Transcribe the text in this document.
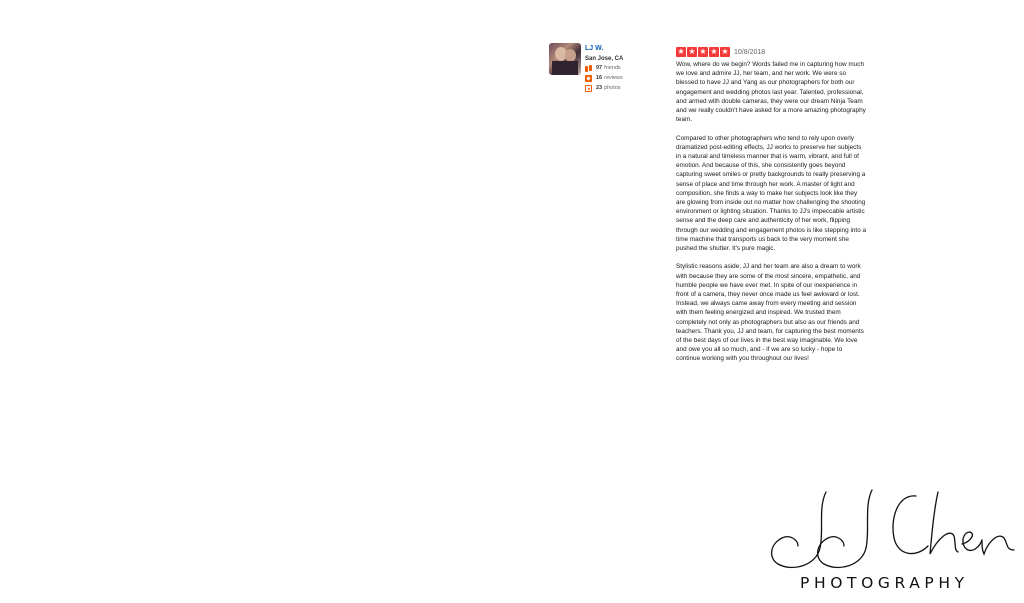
LJ W.
San Jose, CA
97 friends
16 reviews
23 photos
★ ★ ★ ★ ★ 10/8/2018

Wow, where do we begin? Words failed me in capturing how much we love and admire JJ, her team, and her work. We were so blessed to have JJ and Yang as our photographers for both our engagement and wedding photos last year. Talented, professional, and armed with double cameras, they were our dream Ninja Team and we really couldn't have asked for a more amazing photography team.

Compared to other photographers who tend to rely upon overly dramatized post-editing effects, JJ works to preserve her subjects in a natural and timeless manner that is warm, vibrant, and full of emotion. And because of this, she consistently goes beyond capturing sweet smiles or pretty backgrounds to really preserving a sense of place and time through her work. A master of light and composition, she finds a way to make her subjects look like they are glowing from inside out no matter how challenging the shooting environment or lighting situation. Thanks to JJ's impeccable artistic sense and the deep care and authenticity of her work, flipping through our wedding and engagement photos is like stepping into a time machine that transports us back to the very moment she pushed the shutter. It's pure magic.

Stylistic reasons aside, JJ and her team are also a dream to work with because they are some of the most sincere, empathetic, and humble people we have ever met. In spite of our inexperience in front of a camera, they never once made us feel awkward or lost. Instead, we always came away from every meeting and session with them feeling energized and inspired. We trusted them completely not only as photographers but also as our friends and teachers. Thank you, JJ and team, for capturing the best moments of the best days of our lives in the best way imaginable. We love and owe you all so much, and - if we are so lucky - hope to continue working with you throughout our lives!

PHOTOGRAPHY
